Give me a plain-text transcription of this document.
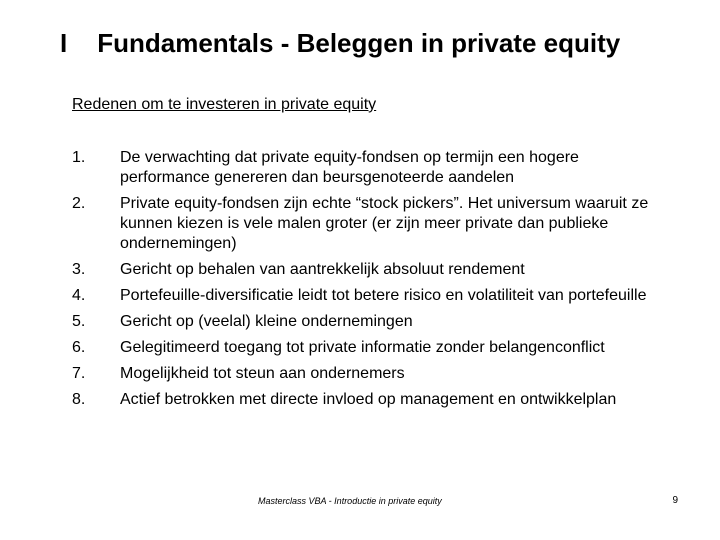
I Fundamentals - Beleggen in private equity
Redenen om te investeren in private equity
1.	De verwachting dat private equity-fondsen op termijn een hogere performance genereren dan beursgenoteerde aandelen
2.	Private equity-fondsen zijn echte “stock pickers”. Het universum waaruit ze kunnen kiezen is vele malen groter (er zijn meer private dan publieke ondernemingen)
3.	Gericht op behalen van aantrekkelijk absoluut rendement
4.	Portefeuille-diversificatie leidt tot betere risico en volatiliteit van portefeuille
5.	Gericht op (veelal) kleine ondernemingen
6.	Gelegitimeerd toegang tot private informatie zonder belangenconflict
7.	Mogelijkheid tot steun aan ondernemers
8.	Actief betrokken met directe invloed op management en ontwikkelplan
Masterclass VBA - Introductie in private equity	9
